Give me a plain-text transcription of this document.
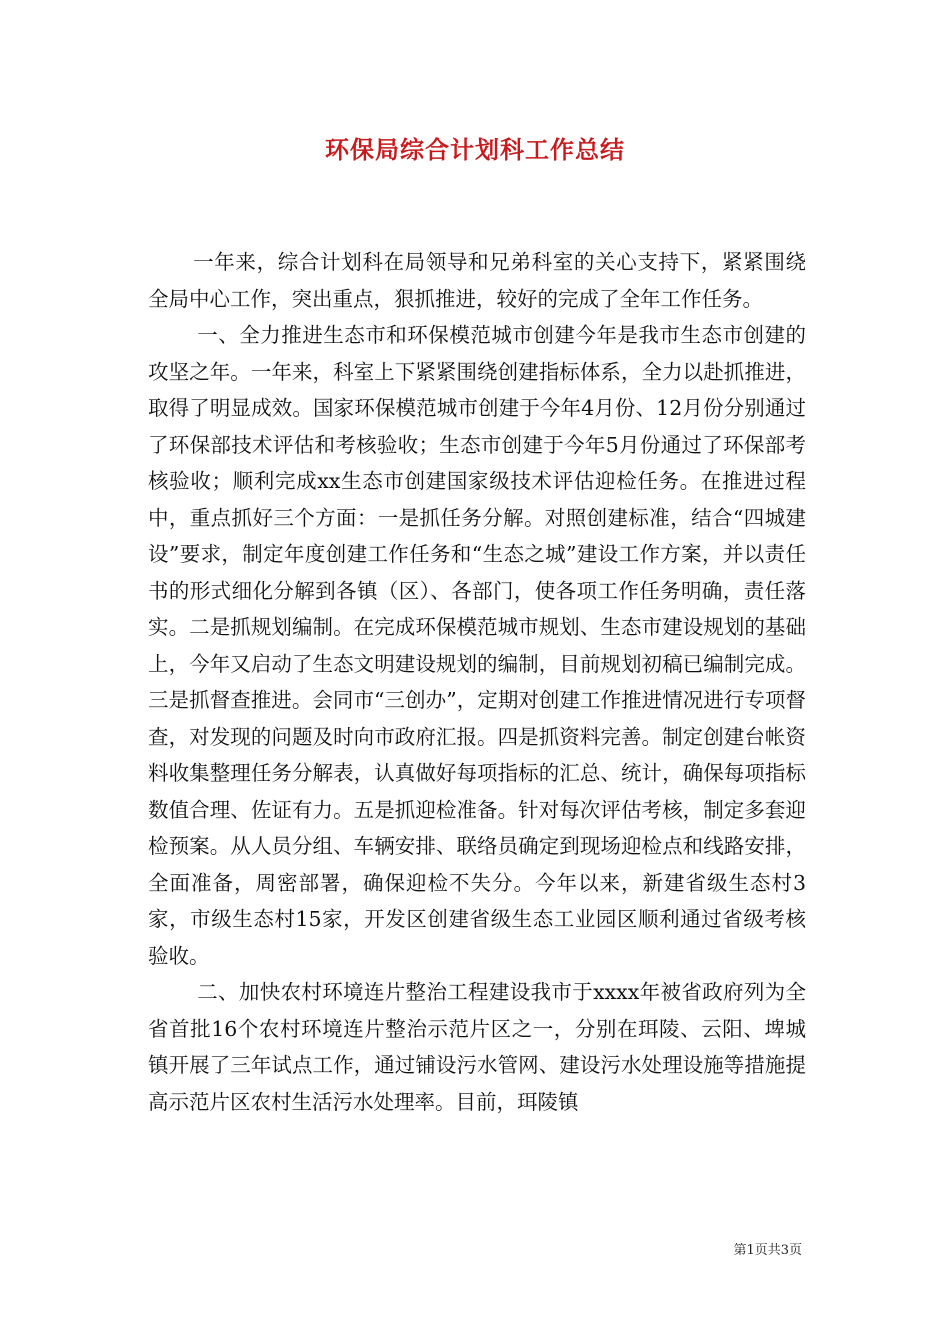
环保局综合计划科工作总结

一年来，综合计划科在局领导和兄弟科室的关心支持下，紧紧围绕全局中心工作，突出重点，狠抓推进，较好的完成了全年工作任务。

一、全力推进生态市和环保模范城市创建今年是我市生态市创建的攻坚之年。一年来，科室上下紧紧围绕创建指标体系，全力以赴抓推进，取得了明显成效。国家环保模范城市创建于今年4月份、12月份分别通过了环保部技术评估和考核验收；生态市创建于今年5月份通过了环保部考核验收；顺利完成xx生态市创建国家级技术评估迎检任务。在推进过程中，重点抓好三个方面：一是抓任务分解。对照创建标准，结合“四城建设”要求，制定年度创建工作任务和“生态之城”建设工作方案，并以责任书的形式细化分解到各镇（区）、各部门，使各项工作任务明确，责任落实。二是抓规划编制。在完成环保模范城市规划、生态市建设规划的基础上，今年又启动了生态文明建设规划的编制，目前规划初稿已编制完成。三是抓督查推进。会同市“三创办”，定期对创建工作推进情况进行专项督查，对发现的问题及时向市政府汇报。四是抓资料完善。制定创建台帐资料收集整理任务分解表，认真做好每项指标的汇总、统计，确保每项指标数值合理、佐证有力。五是抓迎检准备。针对每次评估考核，制定多套迎检预案。从人员分组、车辆安排、联络员确定到现场迎检点和线路安排，全面准备，周密部署，确保迎检不失分。今年以来，新建省级生态村3家，市级生态村15家，开发区创建省级生态工业园区顺利通过省级考核验收。

二、加快农村环境连片整治工程建设我市于xxxx年被省政府列为全省首批16个农村环境连片整治示范片区之一，分别在珥陵、云阳、埤城镇开展了三年试点工作，通过铺设污水管网、建设污水处理设施等措施提高示范片区农村生活污水处理率。目前，珥陵镇

第1页共3页
